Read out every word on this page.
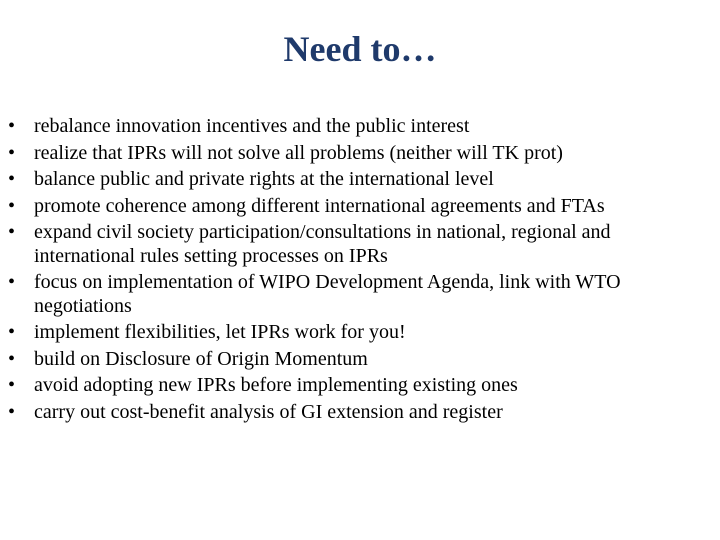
Need to…
• rebalance innovation incentives and the public interest
• realize that IPRs will not solve all problems (neither will TK prot)
• balance public and private rights at the international level
• promote coherence among different international agreements and FTAs
• expand civil society participation/consultations in national, regional and international rules setting processes on IPRs
• focus on implementation of WIPO Development Agenda, link with WTO negotiations
• implement flexibilities, let IPRs work for you!
• build on Disclosure of Origin Momentum
• avoid adopting new IPRs before implementing existing ones
• carry out cost-benefit analysis of GI extension and register
